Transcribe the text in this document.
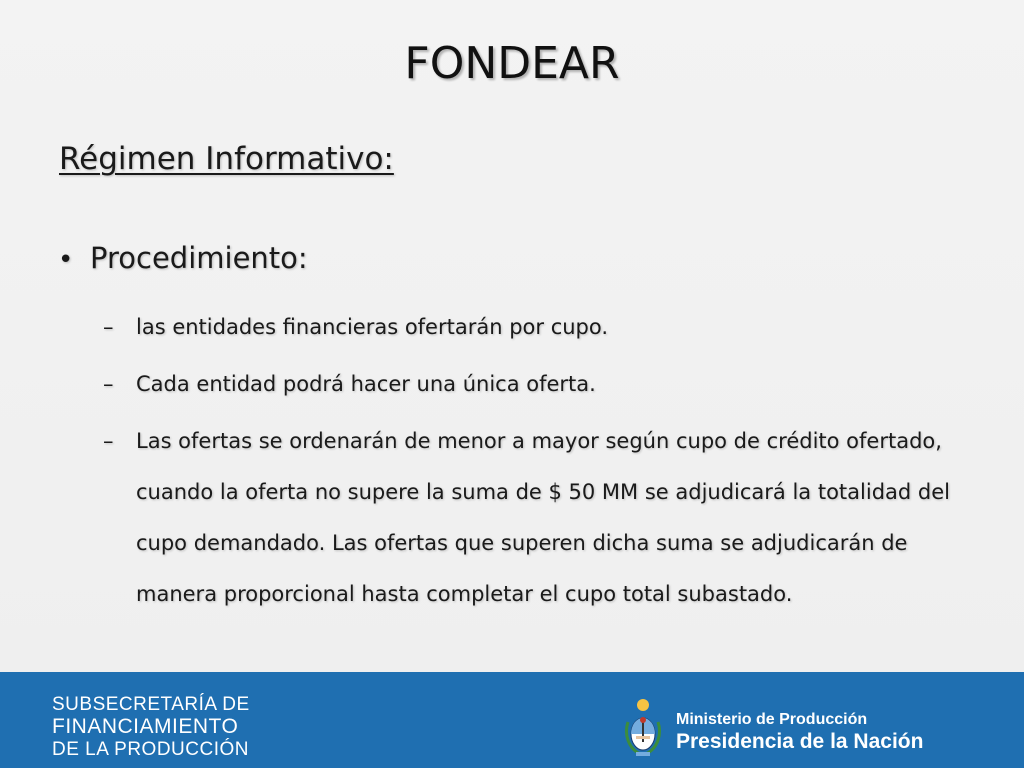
FONDEAR
Régimen Informativo:
• Procedimiento:
– las entidades financieras ofertarán por cupo.
– Cada entidad podrá hacer una única oferta.
– Las ofertas se ordenarán de menor a mayor según cupo de crédito ofertado, cuando la oferta no supere la suma de $ 50 MM se adjudicará la totalidad del cupo demandado. Las ofertas que superen dicha suma se adjudicarán de manera proporcional hasta completar el cupo total subastado.
SUBSECRETARÍA DE
FINANCIAMIENTO
DE LA PRODUCCIÓN
Ministerio de Producción
Presidencia de la Nación
